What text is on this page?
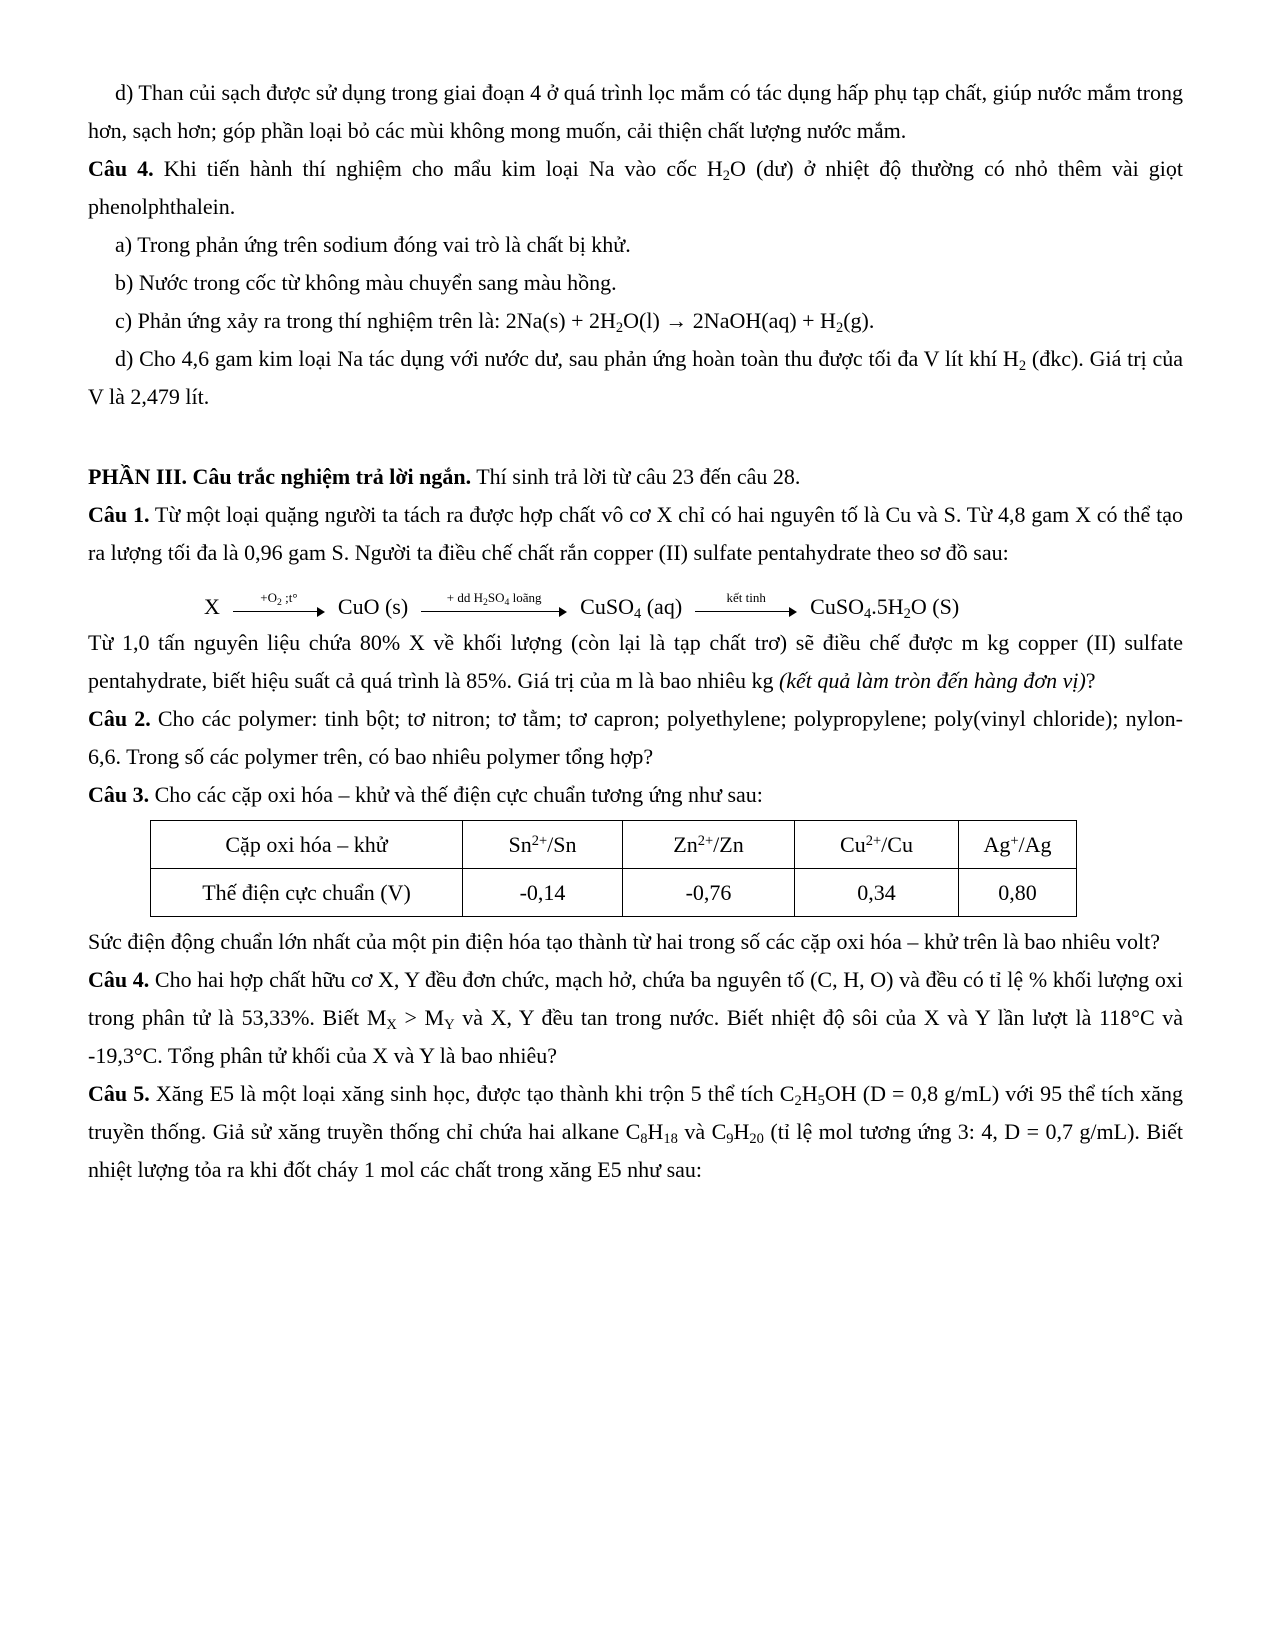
d) Than củi sạch được sử dụng trong giai đoạn 4 ở quá trình lọc mắm có tác dụng hấp phụ tạp chất, giúp nước mắm trong hơn, sạch hơn; góp phần loại bỏ các mùi không mong muốn, cải thiện chất lượng nước mắm.

Câu 4. Khi tiến hành thí nghiệm cho mẩu kim loại Na vào cốc $H_2O$ (dư) ở nhiệt độ thường có nhỏ thêm vài giọt phenolphthalein.

a) Trong phản ứng trên sodium đóng vai trò là chất bị khử.

b) Nước trong cốc từ không màu chuyển sang màu hồng.

c) Phản ứng xảy ra trong thí nghiệm trên là: $2Na(s) + 2H_2O(l)$ → 2NaOH(aq) + $H_2(g)$.

d) Cho 4,6 gam kim loại Na tác dụng với nước dư, sau phản ứng hoàn toàn thu được tối đa V lít khí $H_2$ (đkc). Giá trị của V là 2,479 lít.

PHẦN III. Câu trắc nghiệm trả lời ngắn. Thí sinh trả lời từ câu 23 đến câu 28.

Câu 1. Từ một loại quặng người ta tách ra được hợp chất vô cơ X chỉ có hai nguyên tố là Cu và S. Từ 4,8 gam X có thể tạo ra lượng tối đa là 0,96 gam S. Người ta điều chế chất rắn copper (II) sulfate pentahydrate theo sơ đồ sau:

X	$+O_2$ ;t° CuO (s)	+ dd $H_2SO_4$ loãng CuSO$_4$ (aq)	kết tinh $CuSO_4.5H_2O$ (S)

Từ 1,0 tấn nguyên liệu chứa 80% X về khối lượng (còn lại là tạp chất trơ) sẽ điều chế được m kg copper (II) sulfate pentahydrate, biết hiệu suất cả quá trình là 85%. Giá trị của m là bao nhiêu kg (kết quả làm tròn đến hàng đơn vị)?

Câu 2. Cho các polymer: tinh bột; tơ nitron; tơ tằm; tơ capron; polyethylene; polypropylene; poly(vinyl chloride); nylon-6,6. Trong số các polymer trên, có bao nhiêu polymer tổng hợp?

Câu 3. Cho các cặp oxi hóa – khử và thế điện cực chuẩn tương ứng như sau:

Cặp oxi hóa – khử	$Sn^{2+}/Sn$	$Zn^{2+}/Zn$	$Cu^{2+}/Cu$	Ag+/Ag
Thế điện cực chuẩn (V)	-0,14	-0,76	0,34	0,80

Sức điện động chuẩn lớn nhất của một pin điện hóa tạo thành từ hai trong số các cặp oxi hóa – khử trên là bao nhiêu volt?

Câu 4. Cho hai hợp chất hữu cơ X, Y đều đơn chức, mạch hở, chứa ba nguyên tố (C, H, O) và đều có tỉ lệ % khối lượng oxi trong phân tử là 53,33%. Biết $M_X > M_Y$ và X, Y đều tan trong nước. Biết nhiệt độ sôi của X và Y lần lượt là 118°C và -19,3°C. Tổng phân tử khối của X và Y là bao nhiêu?

Câu 5. Xăng E5 là một loại xăng sinh học, được tạo thành khi trộn 5 thể tích $C_2H_5OH$ (D = 0,8 g/mL) với 95 thể tích xăng truyền thống. Giả sử xăng truyền thống chỉ chứa hai alkane $C_8H_{18}$ và $C_9H_{20}$ (tỉ lệ mol tương ứng 3: 4, D = 0,7 g/mL). Biết nhiệt lượng tỏa ra khi đốt cháy 1 mol các chất trong xăng E5 như sau:
